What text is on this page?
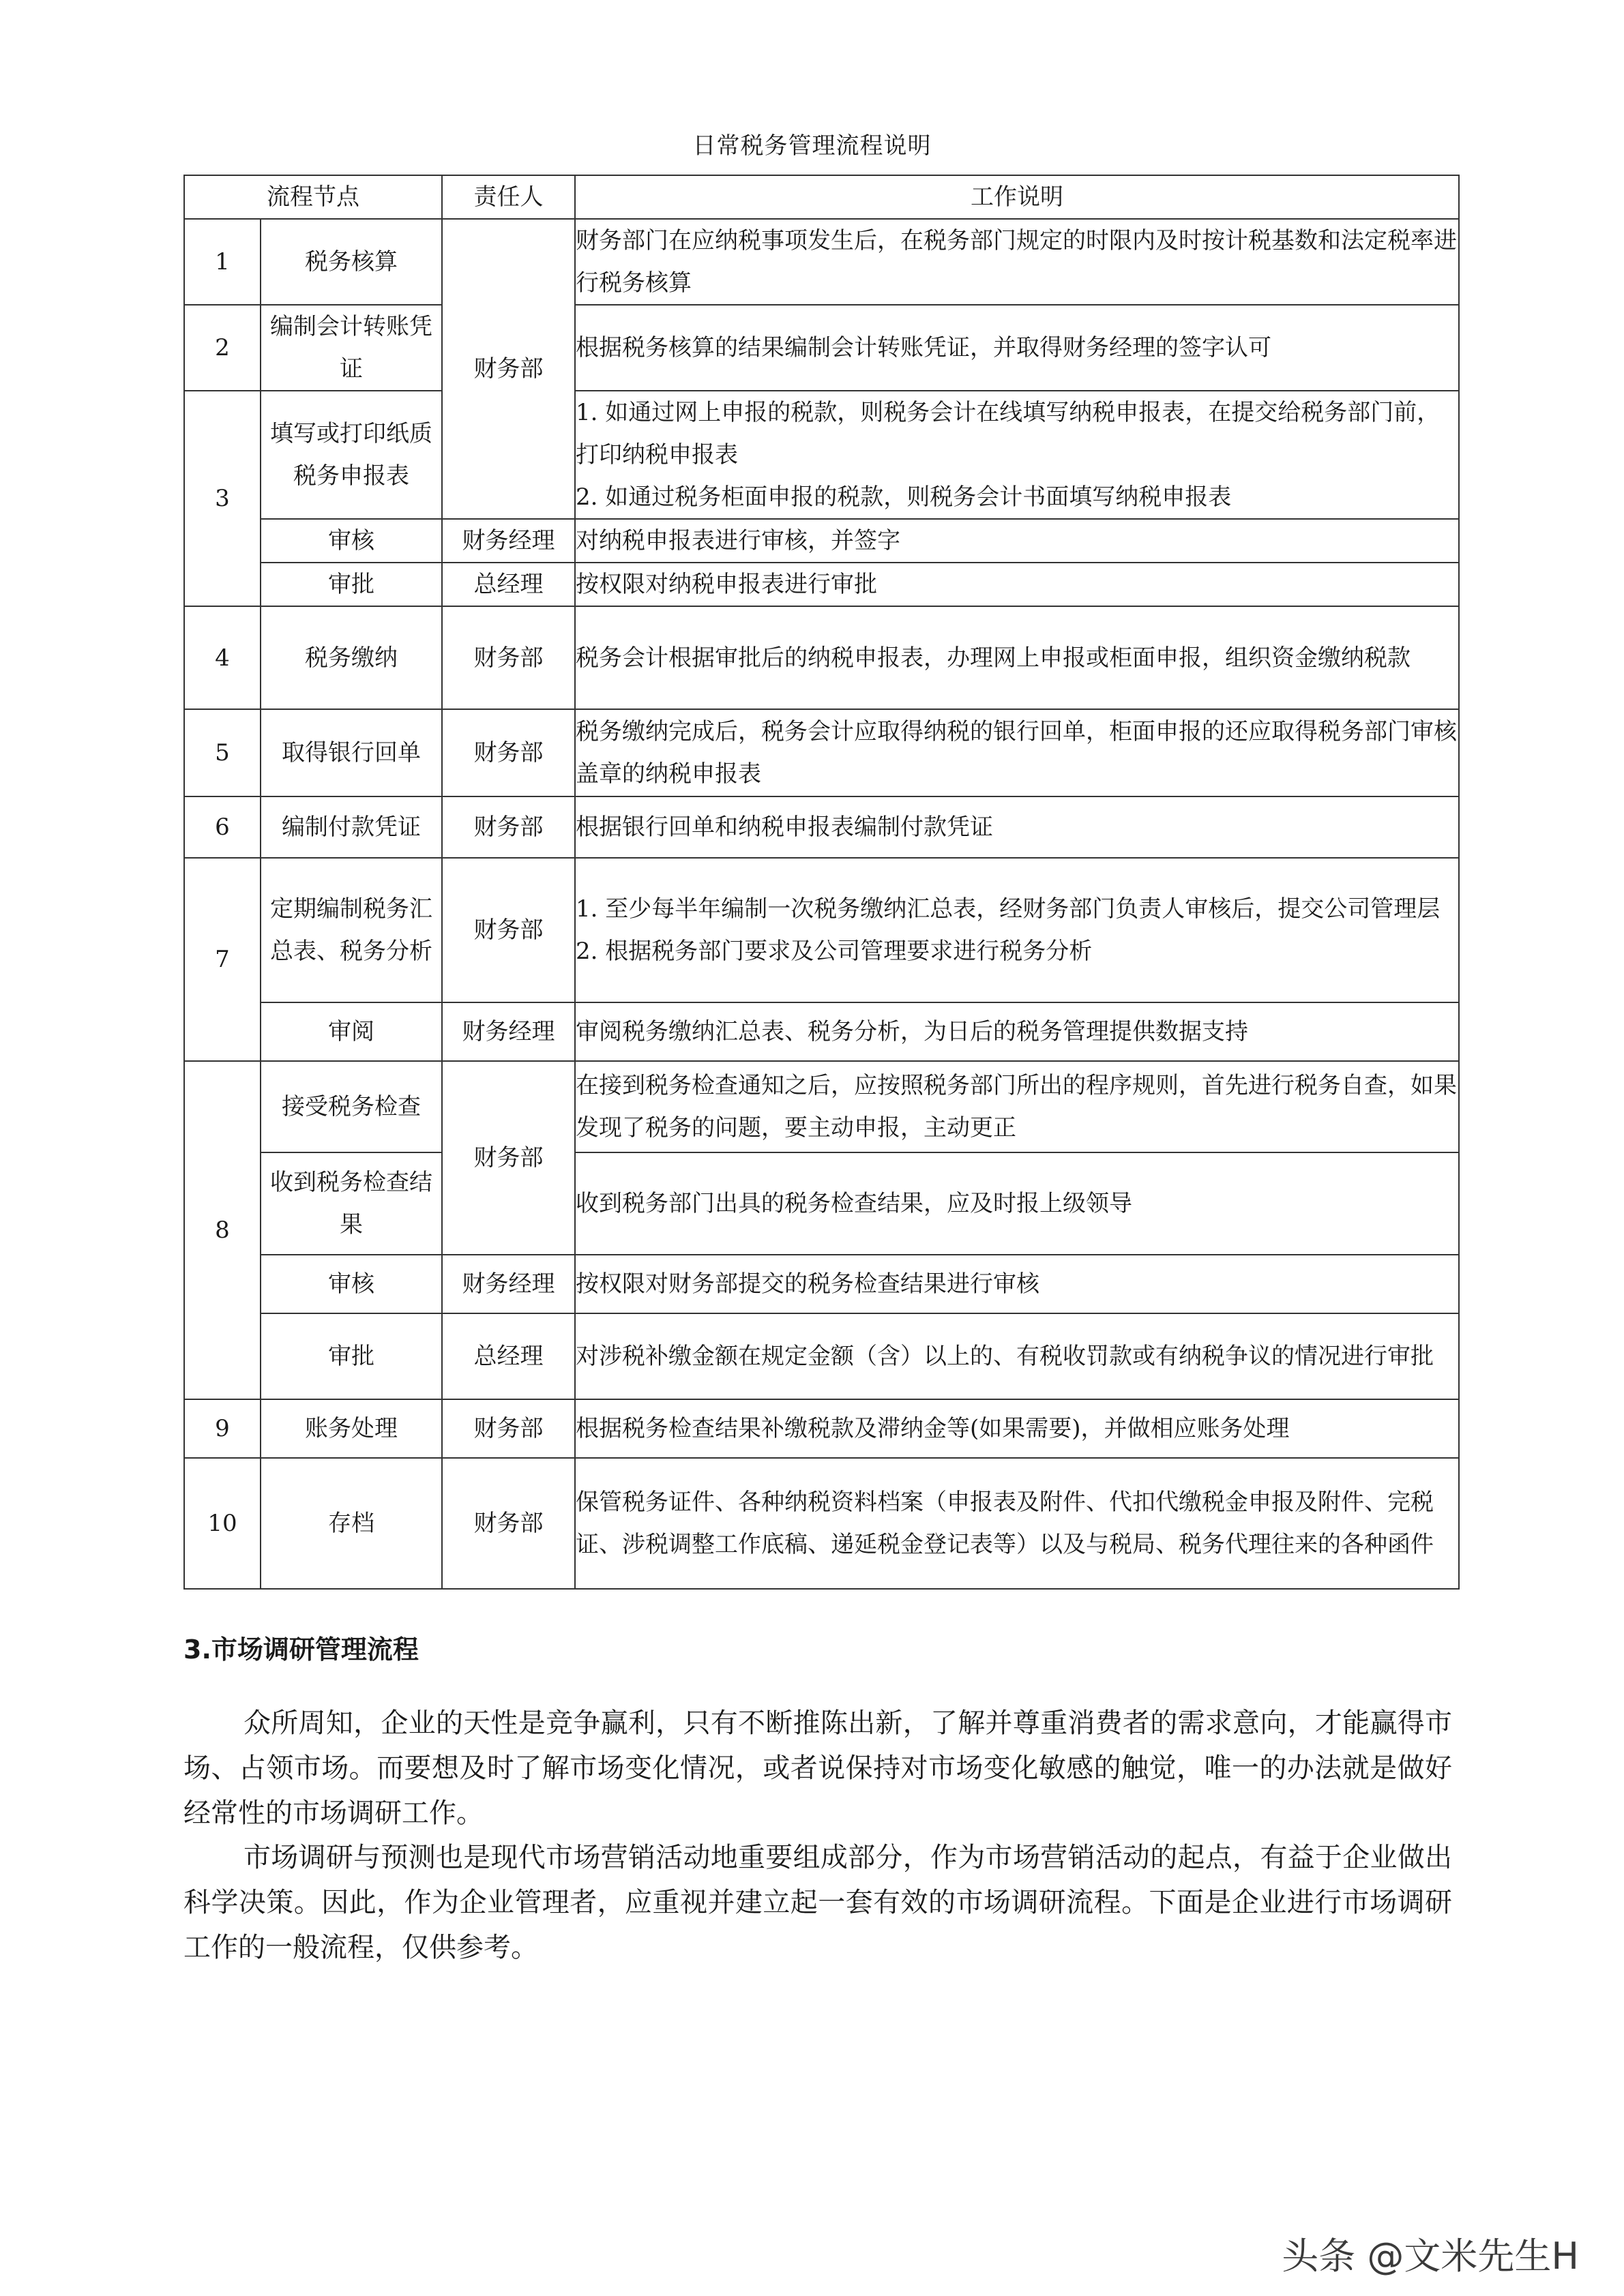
日常税务管理流程说明
流程节点		责任人	工作说明
1	税务核算	财务部	财务部门在应纳税事项发生后，在税务部门规定的时限内及时按计税基数和法定税率进行税务核算
2	编制会计转账凭证		根据税务核算的结果编制会计转账凭证，并取得财务经理的签字认可
3	填写或打印纸质税务申报表		1. 如通过网上申报的税款，则税务会计在线填写纳税申报表，在提交给税务部门前，打印纳税申报表
2. 如通过税务柜面申报的税款，则税务会计书面填写纳税申报表

	审核	财务经理	对纳税申报表进行审核，并签字
	审批	总经理	按权限对纳税申报表进行审批
4	税务缴纳	财务部	税务会计根据审批后的纳税申报表，办理网上申报或柜面申报，组织资金缴纳税款
5	取得银行回单	财务部	税务缴纳完成后，税务会计应取得纳税的银行回单，柜面申报的还应取得税务部门审核盖章的纳税申报表
6	编制付款凭证	财务部	根据银行回单和纳税申报表编制付款凭证
7	定期编制税务汇总表、税务分析	财务部	1. 至少每半年编制一次税务缴纳汇总表，经财务部门负责人审核后，提交公司管理层
2. 根据税务部门要求及公司管理要求进行税务分析

	审阅	财务经理	审阅税务缴纳汇总表、税务分析，为日后的税务管理提供数据支持
8	接受税务检查	财务部	在接到税务检查通知之后，应按照税务部门所出的程序规则，首先进行税务自查，如果发现了税务的问题，要主动申报，主动更正
	收到税务检查结果		收到税务部门出具的税务检查结果，应及时报上级领导
	审核	财务经理	按权限对财务部提交的税务检查结果进行审核
	审批	总经理	对涉税补缴金额在规定金额（含）以上的、有税收罚款或有纳税争议的情况进行审批
9	账务处理	财务部	根据税务检查结果补缴税款及滞纳金等(如果需要)，并做相应账务处理
10	存档	财务部	保管税务证件、各种纳税资料档案（申报表及附件、代扣代缴税金申报及附件、完税证、涉税调整工作底稿、递延税金登记表等）以及与税局、税务代理往来的各种函件
3.市场调研管理流程

众所周知，企业的天性是竞争赢利，只有不断推陈出新，了解并尊重消费者的需求意向，才能赢得市场、占领市场。而要想及时了解市场变化情况，或者说保持对市场变化敏感的触觉，唯一的办法就是做好经常性的市场调研工作。

市场调研与预测也是现代市场营销活动地重要组成部分，作为市场营销活动的起点，有益于企业做出科学决策。因此，作为企业管理者，应重视并建立起一套有效的市场调研流程。下面是企业进行市场调研工作的一般流程，仅供参考。

头条 @文米先生H
